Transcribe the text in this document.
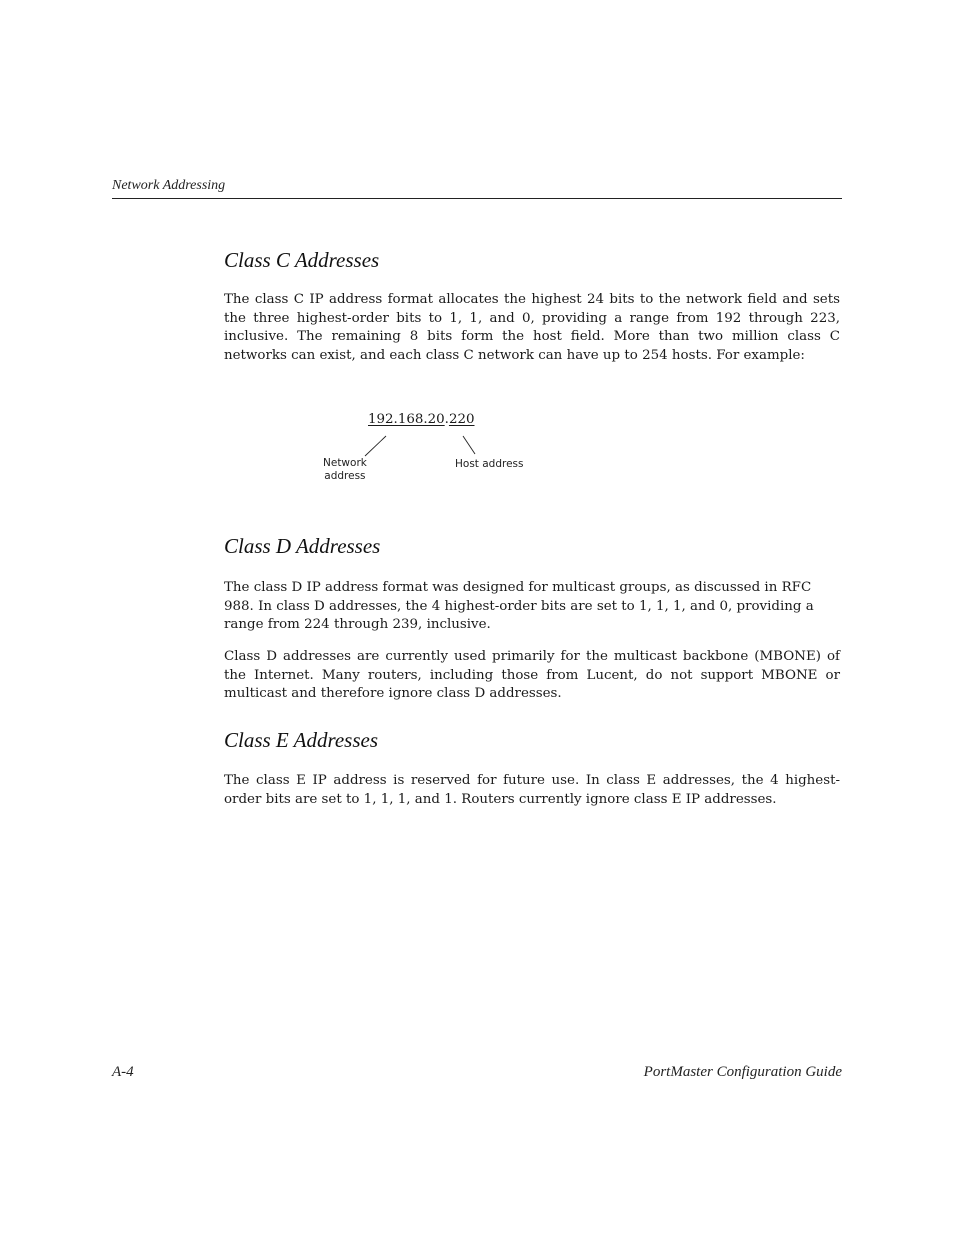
Network Addressing
Class C Addresses

The class C IP address format allocates the highest 24 bits to the network field and sets the three highest-order bits to 1, 1, and 0, providing a range from 192 through 223, inclusive. The remaining 8 bits form the host field. More than two million class C networks can exist, and each class C network can have up to 254 hosts. For example:

192.168.20.220
Network
address
Host address
Class D Addresses

The class D IP address format was designed for multicast groups, as discussed in RFC 988. In class D addresses, the 4 highest-order bits are set to 1, 1, 1, and 0, providing a range from 224 through 239, inclusive.

Class D addresses are currently used primarily for the multicast backbone (MBONE) of the Internet. Many routers, including those from Lucent, do not support MBONE or multicast and therefore ignore class D addresses.

Class E Addresses

The class E IP address is reserved for future use. In class E addresses, the 4 highest-order bits are set to 1, 1, 1, and 1. Routers currently ignore class E IP addresses.

A-4	PortMaster Configuration Guide
